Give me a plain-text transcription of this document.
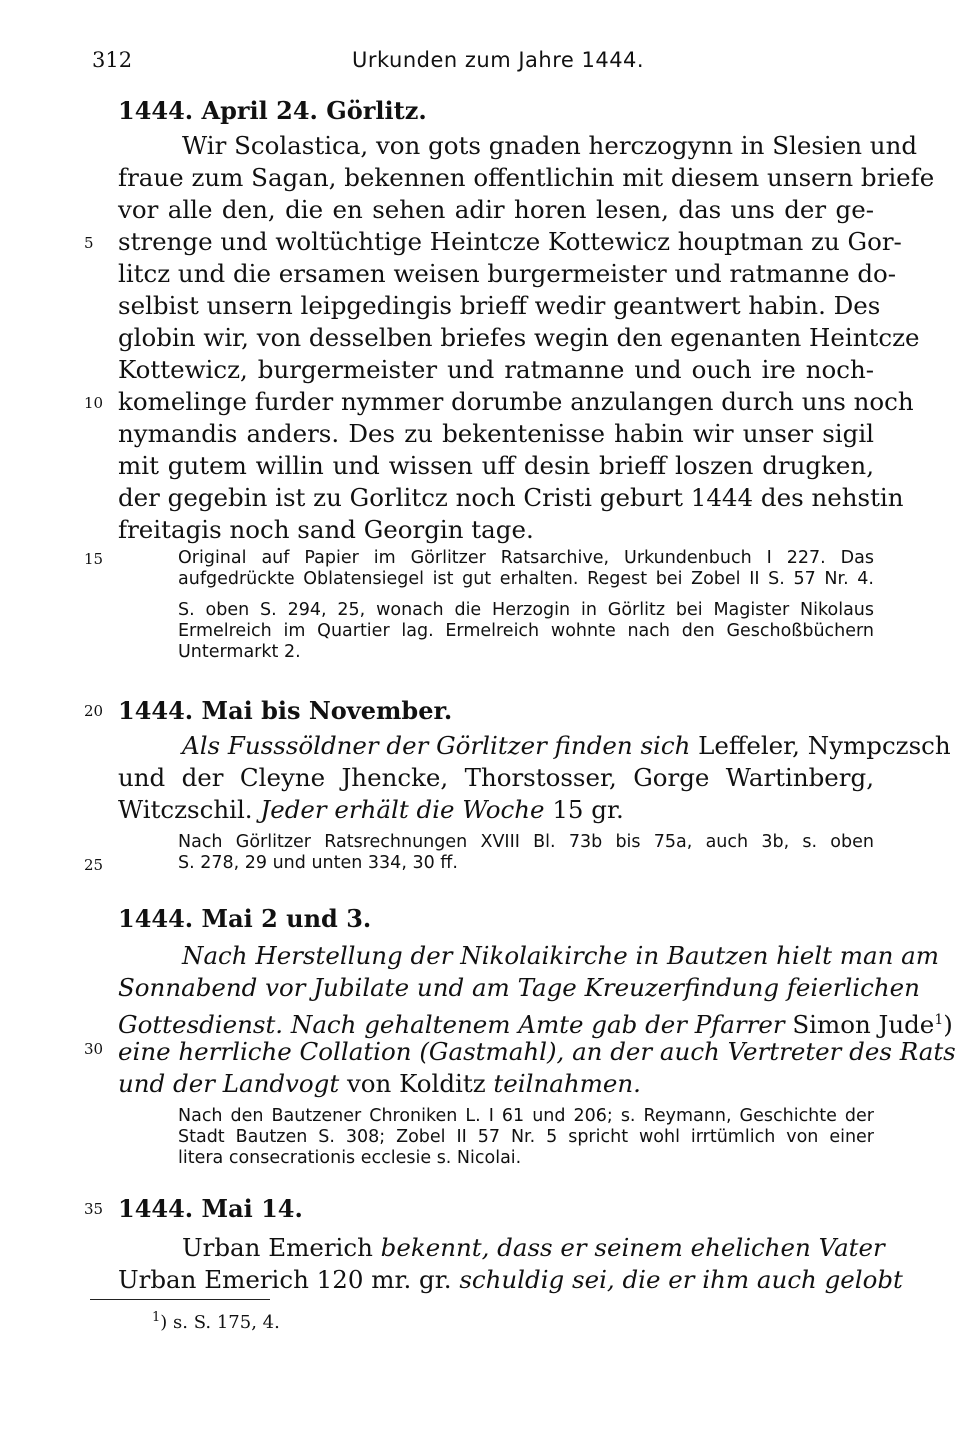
312	Urkunden zum Jahre 1444.
5
10
15
20
25
30
35
1444. April 24. Görlitz.
Wir Scolastica, von gots gnaden herczogynn in Slesien und
fraue zum Sagan, bekennen offentlichin mit diesem unsern briefe
vor alle den, die en sehen adir horen lesen, das uns der ge-
strenge und woltüchtige Heintcze Kottewicz houptman zu Gor-
litcz und die ersamen weisen burgermeister und ratmanne do-
selbist unsern leipgedingis brieff wedir geantwert habin. Des
globin wir, von desselben briefes wegin den egenanten Heintcze
Kottewicz, burgermeister und ratmanne und ouch ire noch-
komelinge furder nymmer dorumbe anzulangen durch uns noch
nymandis anders. Des zu bekentenisse habin wir unser sigil
mit gutem willin und wissen uff desin brieff loszen drugken,
der gegebin ist zu Gorlitcz noch Cristi geburt 1444 des nehstin
freitagis noch sand Georgin tage.
Original auf Papier im Görlitzer Ratsarchive, Urkundenbuch I 227. Das
aufgedrückte Oblatensiegel ist gut erhalten. Regest bei Zobel II S. 57 Nr. 4.
S. oben S. 294, 25, wonach die Herzogin in Görlitz bei Magister Nikolaus
Ermelreich im Quartier lag. Ermelreich wohnte nach den Geschoßbüchern
Untermarkt 2.
1444. Mai bis November.
Als Fusssöldner der Görlitzer finden sich Leffeler, Nympczsch
und der Cleyne Jhencke, Thorstosser, Gorge Wartinberg,
Witczschil. Jeder erhält die Woche 15 gr.
Nach Görlitzer Ratsrechnungen XVIII Bl. 73b bis 75a, auch 3b, s. oben
S. 278, 29 und unten 334, 30 ff.
1444. Mai 2 und 3.
Nach Herstellung der Nikolaikirche in Bautzen hielt man am
Sonnabend vor Jubilate und am Tage Kreuzerfindung feierlichen
Gottesdienst. Nach gehaltenem Amte gab der Pfarrer Simon Jude$^1$)
eine herrliche Collation (Gastmahl), an der auch Vertreter des Rats
und der Landvogt von Kolditz teilnahmen.
Nach den Bautzener Chroniken L. I 61 und 206; s. Reymann, Geschichte der
Stadt Bautzen S. 308; Zobel II 57 Nr. 5 spricht wohl irrtümlich von einer
litera consecrationis ecclesie s. Nicolai.
1444. Mai 14.
Urban Emerich bekennt, dass er seinem ehelichen Vater
Urban Emerich 120 mr. gr. schuldig sei, die er ihm auch gelobt
$^1$) s. S. 175, 4.
